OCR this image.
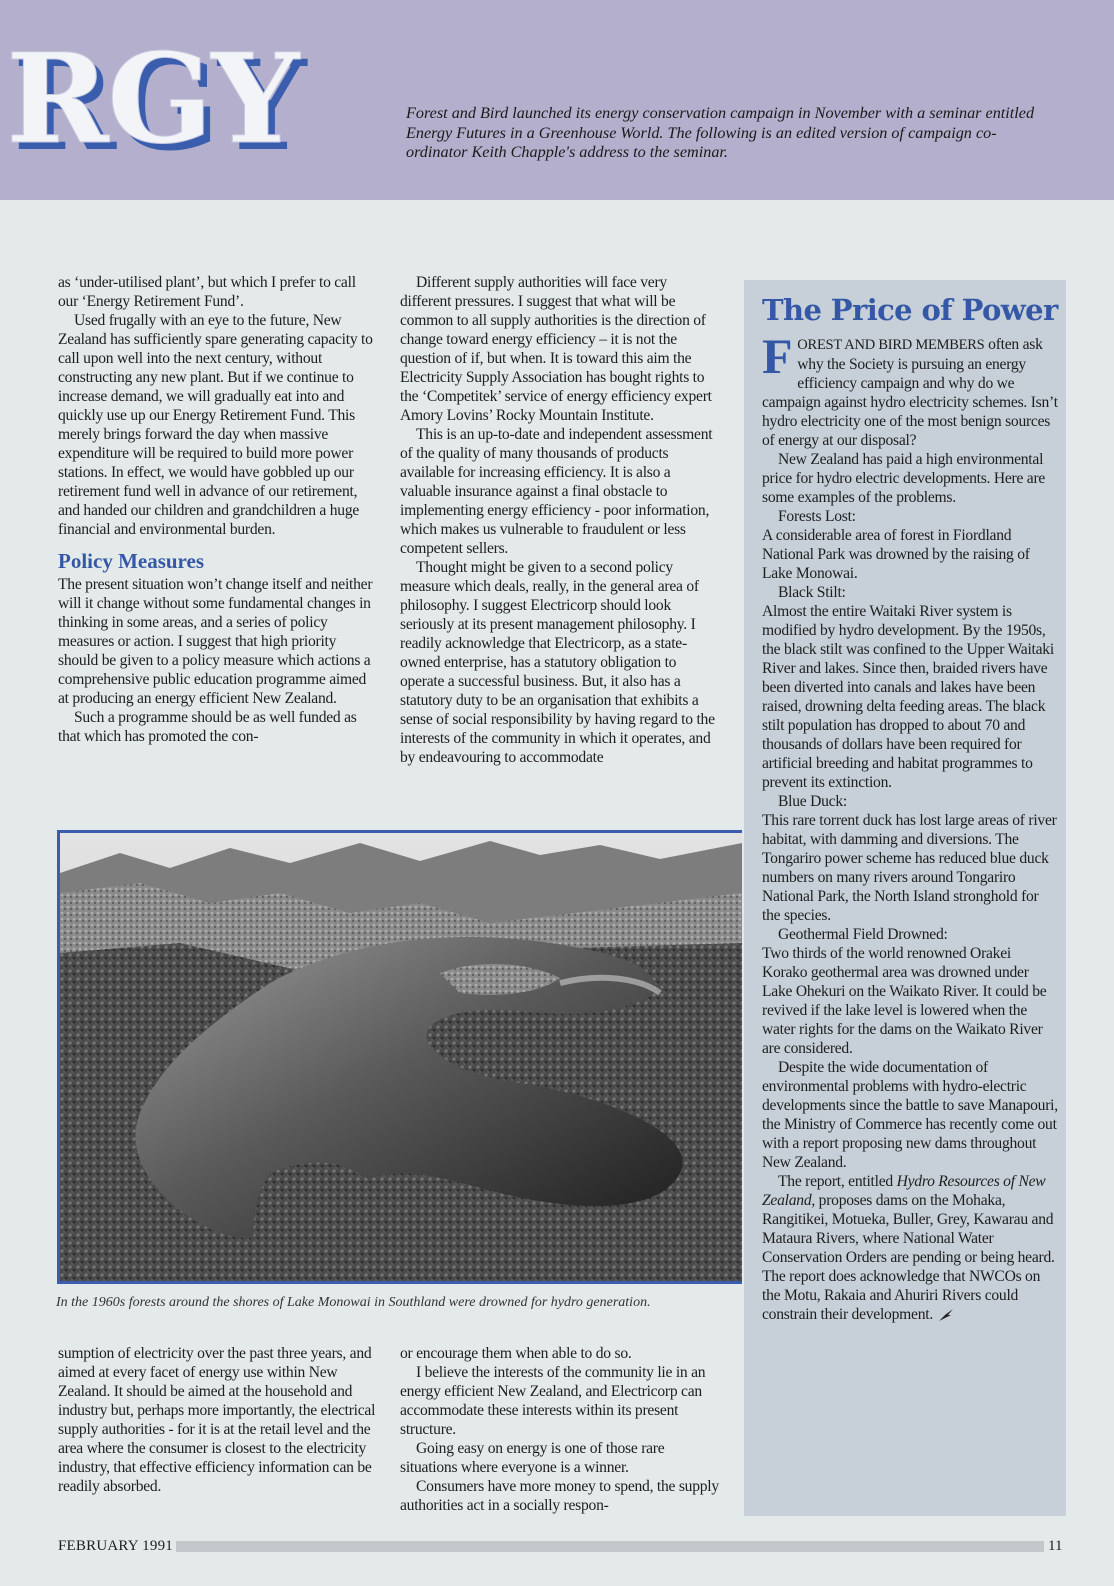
RGY	Forest and Bird launched its energy conservation campaign in November with a seminar entitled Energy Futures in a Greenhouse World. The following is an edited version of campaign co-ordinator Keith Chapple's address to the seminar.

as ‘under-utilised plant’, but which I prefer to call our ‘Energy Retirement Fund’.

Used frugally with an eye to the future, New Zealand has sufficiently spare generating capacity to call upon well into the next century, without constructing any new plant. But if we continue to increase demand, we will gradually eat into and quickly use up our Energy Retirement Fund. This merely brings forward the day when massive expenditure will be required to build more power stations. In effect, we would have gobbled up our retirement fund well in advance of our retirement, and handed our children and grandchildren a huge financial and environmental burden.

Policy Measures

The present situation won’t change itself and neither will it change without some fundamental changes in thinking in some areas, and a series of policy measures or action. I suggest that high priority should be given to a policy measure which actions a comprehensive public education programme aimed at producing an energy efficient New Zealand.

Such a programme should be as well funded as that which has promoted the con-

Different supply authorities will face very different pressures. I suggest that what will be common to all supply authorities is the direction of change toward energy efficiency – it is not the question of if, but when. It is toward this aim the Electricity Supply Association has bought rights to the ‘Competitek’ service of energy efficiency expert Amory Lovins’ Rocky Mountain Institute.

This is an up-to-date and independent assessment of the quality of many thousands of products available for increasing efficiency. It is also a valuable insurance against a final obstacle to implementing energy efficiency - poor information, which makes us vulnerable to fraudulent or less competent sellers.

Thought might be given to a second policy measure which deals, really, in the general area of philosophy. I suggest Electricorp should look seriously at its present management philosophy. I readily acknowledge that Electricorp, as a state-owned enterprise, has a statutory obligation to operate a successful business. But, it also has a statutory duty to be an organisation that exhibits a sense of social responsibility by having regard to the interests of the community in which it operates, and by endeavouring to accommodate

In the 1960s forests around the shores of Lake Monowai in Southland were drowned for hydro generation.

sumption of electricity over the past three years, and aimed at every facet of energy use within New Zealand. It should be aimed at the household and industry but, perhaps more importantly, the electrical supply authorities - for it is at the retail level and the area where the consumer is closest to the electricity industry, that effective efficiency information can be readily absorbed.

or encourage them when able to do so.

I believe the interests of the community lie in an energy efficient New Zealand, and Electricorp can accommodate these interests within its present structure.

Going easy on energy is one of those rare situations where everyone is a winner.

Consumers have more money to spend, the supply authorities act in a socially respon-

The Price of Power

FOREST AND BIRD MEMBERS often ask why the Society is pursuing an energy efficiency campaign and why do we campaign against hydro electricity schemes. Isn’t hydro electricity one of the most benign sources of energy at our disposal?

New Zealand has paid a high environmental price for hydro electric developments. Here are some examples of the problems.

Forests Lost:

A considerable area of forest in Fiordland National Park was drowned by the raising of Lake Monowai.

Black Stilt:

Almost the entire Waitaki River system is modified by hydro development. By the 1950s, the black stilt was confined to the Upper Waitaki River and lakes. Since then, braided rivers have been diverted into canals and lakes have been raised, drowning delta feeding areas. The black stilt population has dropped to about 70 and thousands of dollars have been required for artificial breeding and habitat programmes to prevent its extinction.

Blue Duck:

This rare torrent duck has lost large areas of river habitat, with damming and diversions. The Tongariro power scheme has reduced blue duck numbers on many rivers around Tongariro National Park, the North Island stronghold for the species.

Geothermal Field Drowned:

Two thirds of the world renowned Orakei Korako geothermal area was drowned under Lake Ohekuri on the Waikato River. It could be revived if the lake level is lowered when the water rights for the dams on the Waikato River are considered.

Despite the wide documentation of environmental problems with hydro-electric developments since the battle to save Manapouri, the Ministry of Commerce has recently come out with a report proposing new dams throughout New Zealand.

The report, entitled Hydro Resources of New Zealand, proposes dams on the Mohaka, Rangitikei, Motueka, Buller, Grey, Kawarau and Mataura Rivers, where National Water Conservation Orders are pending or being heard. The report does acknowledge that NWCOs on the Motu, Rakaia and Ahuriri Rivers could constrain their development.

FEBRUARY 1991	11
